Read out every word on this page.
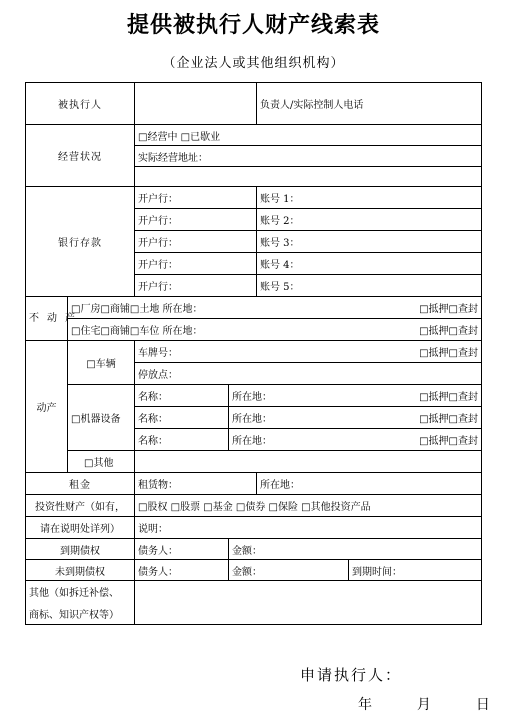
提供被执行人财产线索表
（企业法人或其他组织机构）
被执行人				负责人/实际控制人电话	
经营状况		□经营中 □已歇业			
		实际经营地址：			

银行存款		开户行：		账号 1：	
		开户行：		账号 2：	
		开户行：		账号 3：	
		开户行：		账号 4：	
		开户行：		账号 5：	
不动产	□厂房□商铺□土地 所在地： □抵押□查封				

	□住宅□商铺□车位 所在地： □抵押□查封				

动产	□车辆	车牌号： □抵押□查封			

		停放点：			
	□机器设备	名称：	所在地： □抵押□查封		

		名称：	所在地： □抵押□查封		

		名称：	所在地： □抵押□查封		

	□其他				
租金		租赁物：		所在地：	
投资性财产（如有，		□股权 □股票 □基金 □债券 □保险 □其他投资产品			
请在说明处详列）		说明：			
到期债权		债务人：	金额：		
未到期债权		债务人：	金额：		到期时间：
其他（如拆迁补偿、					
商标、知识产权等）					
申请执行人：
年	月	日
